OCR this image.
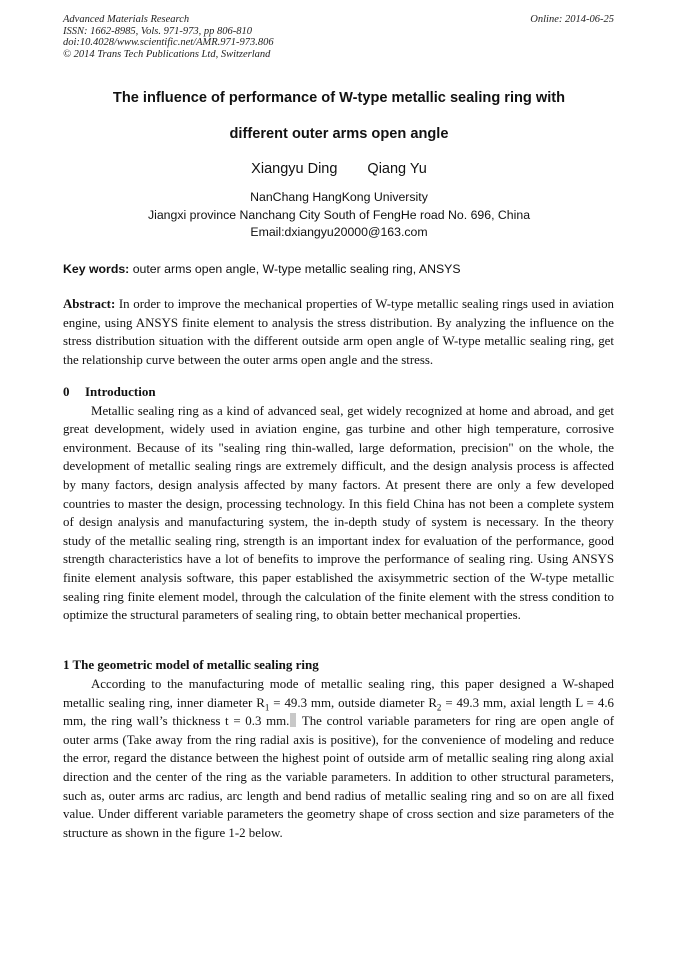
Advanced Materials Research
ISSN: 1662-8985, Vols. 971-973, pp 806-810
doi:10.4028/www.scientific.net/AMR.971-973.806
© 2014 Trans Tech Publications Ltd, Switzerland
Online: 2014-06-25
The influence of performance of W-type metallic sealing ring with
different outer arms open angle
Xiangyu Ding Qiang Yu
NanChang HangKong University
Jiangxi province Nanchang City South of FengHe road No. 696, China
Email:dxiangyu20000@163.com
Key words: outer arms open angle, W-type metallic sealing ring, ANSYS
Abstract: In order to improve the mechanical properties of W-type metallic sealing rings used in aviation engine, using ANSYS finite element to analysis the stress distribution. By analyzing the influence on the stress distribution situation with the different outside arm open angle of W-type metallic sealing ring, get the relationship curve between the outer arms open angle and the stress.
0 Introduction

Metallic sealing ring as a kind of advanced seal, get widely recognized at home and abroad, and get great development, widely used in aviation engine, gas turbine and other high temperature, corrosive environment. Because of its "sealing ring thin-walled, large deformation, precision" on the whole, the development of metallic sealing rings are extremely difficult, and the design analysis process is affected by many factors, design analysis affected by many factors. At present there are only a few developed countries to master the design, processing technology. In this field China has not been a complete system of design analysis and manufacturing system, the in-depth study of system is necessary. In the theory study of the metallic sealing ring, strength is an important index for evaluation of the performance, good strength characteristics have a lot of benefits to improve the performance of sealing ring. Using ANSYS finite element analysis software, this paper established the axisymmetric section of the W-type metallic sealing ring finite element model, through the calculation of the finite element with the stress condition to optimize the structural parameters of sealing ring, to obtain better mechanical properties.

1 The geometric model of metallic sealing ring

According to the manufacturing mode of metallic sealing ring, this paper designed a W-shaped metallic sealing ring, inner diameter $R_1 = 49.3$ mm, outside diameter $R_2 = 49.3$ mm, axial length L = 4.6 mm, the ring wall’s thickness t = 0.3 mm. The control variable parameters for ring are open angle of outer arms (Take away from the ring radial axis is positive), for the convenience of modeling and reduce the error, regard the distance between the highest point of outside arm of metallic sealing ring along axial direction and the center of the ring as the variable parameters. In addition to other structural parameters, such as, outer arms arc radius, arc length and bend radius of metallic sealing ring and so on are all fixed value. Under different variable parameters the geometry shape of cross section and size parameters of the structure as shown in the figure 1-2 below.
